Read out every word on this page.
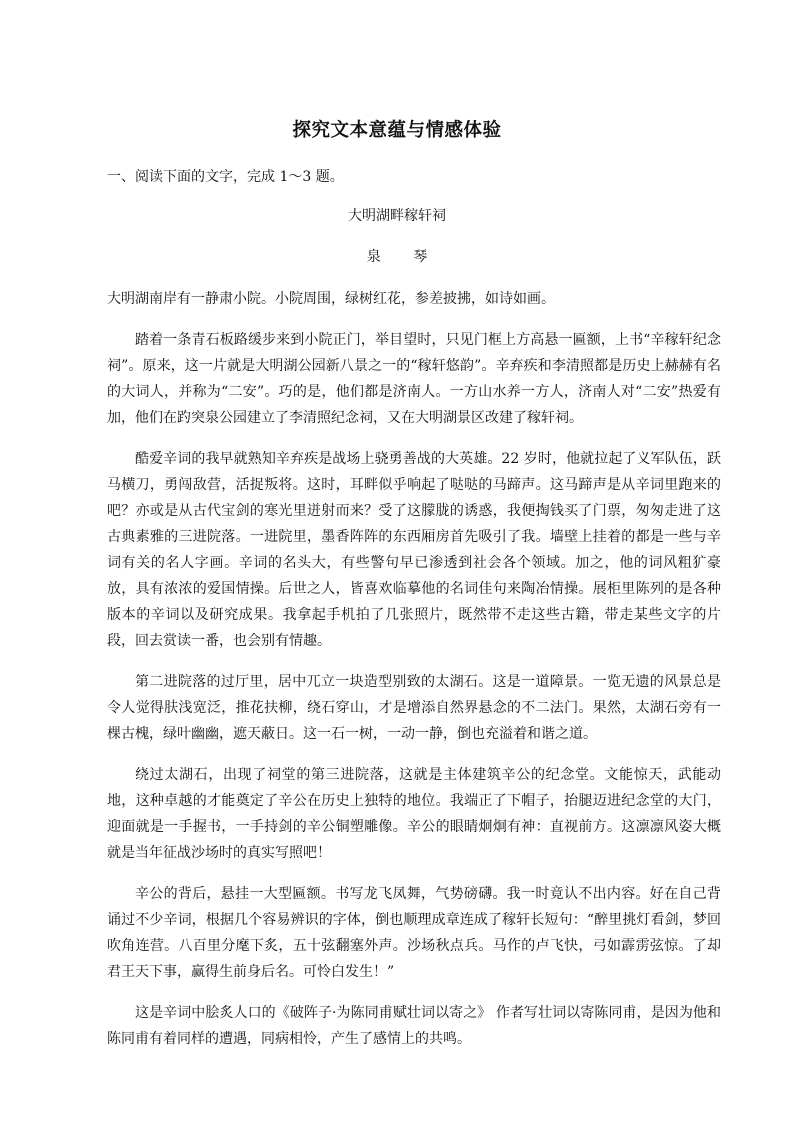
探究文本意蕴与情感体验
一、阅读下面的文字，完成 1～3 题。
大明湖畔稼轩祠
泉 琴

大明湖南岸有一静肃小院。小院周围，绿树红花，参差披拂，如诗如画。

踏着一条青石板路缓步来到小院正门，举目望时，只见门框上方高悬一匾额，上书“辛稼轩纪念祠”。原来，这一片就是大明湖公园新八景之一的“稼轩悠韵”。辛弃疾和李清照都是历史上赫赫有名的大词人，并称为“二安”。巧的是，他们都是济南人。一方山水养一方人，济南人对“二安”热爱有加，他们在趵突泉公园建立了李清照纪念祠，又在大明湖景区改建了稼轩祠。

酷爱辛词的我早就熟知辛弃疾是战场上骁勇善战的大英雄。22 岁时，他就拉起了义军队伍，跃马横刀，勇闯敌营，活捉叛将。这时，耳畔似乎响起了哒哒的马蹄声。这马蹄声是从辛词里跑来的吧？亦或是从古代宝剑的寒光里迸射而来？受了这朦胧的诱惑，我便掏钱买了门票，匆匆走进了这古典素雅的三进院落。一进院里，墨香阵阵的东西厢房首先吸引了我。墙壁上挂着的都是一些与辛词有关的名人字画。辛词的名头大，有些警句早已渗透到社会各个领域。加之，他的词风粗犷豪放，具有浓浓的爱国情操。后世之人，皆喜欢临摹他的名词佳句来陶冶情操。展柜里陈列的是各种版本的辛词以及研究成果。我拿起手机拍了几张照片，既然带不走这些古籍，带走某些文字的片段，回去赏读一番，也会别有情趣。

第二进院落的过厅里，居中兀立一块造型别致的太湖石。这是一道障景。一览无遗的风景总是令人觉得肤浅宽泛，推花扶柳，绕石穿山，才是增添自然界悬念的不二法门。果然，太湖石旁有一棵古槐，绿叶幽幽，遮天蔽日。这一石一树，一动一静，倒也充溢着和谐之道。

绕过太湖石，出现了祠堂的第三进院落，这就是主体建筑辛公的纪念堂。文能惊天，武能动地，这种卓越的才能奠定了辛公在历史上独特的地位。我端正了下帽子，抬腿迈进纪念堂的大门，迎面就是一手握书，一手持剑的辛公铜塑雕像。辛公的眼睛炯炯有神：直视前方。这凛凛风姿大概就是当年征战沙场时的真实写照吧！

辛公的背后，悬挂一大型匾额。书写龙飞凤舞，气势磅礴。我一时竟认不出内容。好在自己背诵过不少辛词，根据几个容易辨识的字体，倒也顺理成章连成了稼轩长短句：“醉里挑灯看剑，梦回吹角连营。八百里分麾下炙，五十弦翻塞外声。沙场秋点兵。马作的卢飞快，弓如霹雳弦惊。了却君王天下事，赢得生前身后名。可怜白发生！”

这是辛词中脍炙人口的《破阵子·为陈同甫赋壮词以寄之》 作者写壮词以寄陈同甫，是因为他和陈同甫有着同样的遭遇，同病相怜，产生了感情上的共鸣。
